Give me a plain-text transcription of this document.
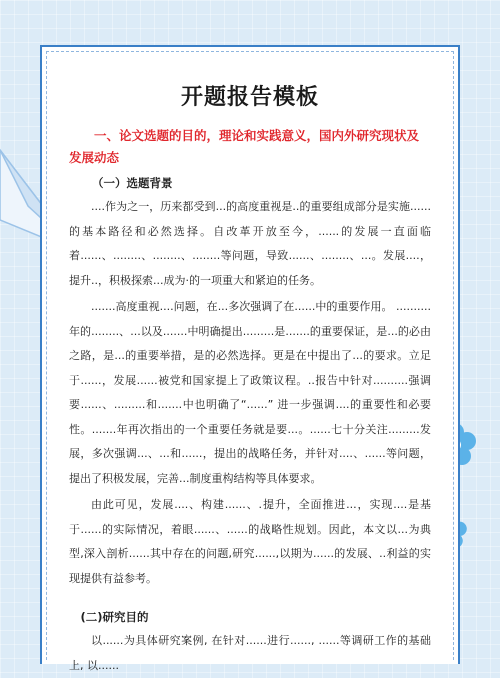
开题报告模板
一、论文选题的目的，理论和实践意义，国内外研究现状及发展动态
（一）选题背景

....作为之一，历来都受到...的高度重视是..的重要组成部分是实施......的基本路径和必然选择。自改革开放至今，......的发展一直面临着......、........、........、........等问题，导致......、........、...。发展....，提升..，积极探索...成为·的一项重大和紧迫的任务。

.......高度重视....问题，在...多次强调了在......中的重要作用。 ..........年的........、...以及.......中明确提出.........是.......的重要保证，是...的必由之路，是...的重要举措，是的必然选择。更是在中提出了...的要求。立足于......，发展......被党和国家提上了政策议程。..报告中针对..........强调要......、.........和.......中也明确了“......” 进一步强调....的重要性和必要性。.......年再次指出的一个重要任务就是要...。......七十分关注.........发展，多次强调...、...和......，提出的战略任务，并针对....、......等问题，提出了积极发展，完善...制度重构结构等具体要求。

由此可见，发展....、构建......、.提升，全面推进...，实现....是基于......的实际情况，着眼......、......的战略性规划。因此，本文以...为典型,深入剖析......其中存在的问题,研究......,以期为......的发展、..利益的实现提供有益参考。

(二)研究目的

以......为具体研究案例, 在针对......进行......, ......等调研工作的基础上, 以......
